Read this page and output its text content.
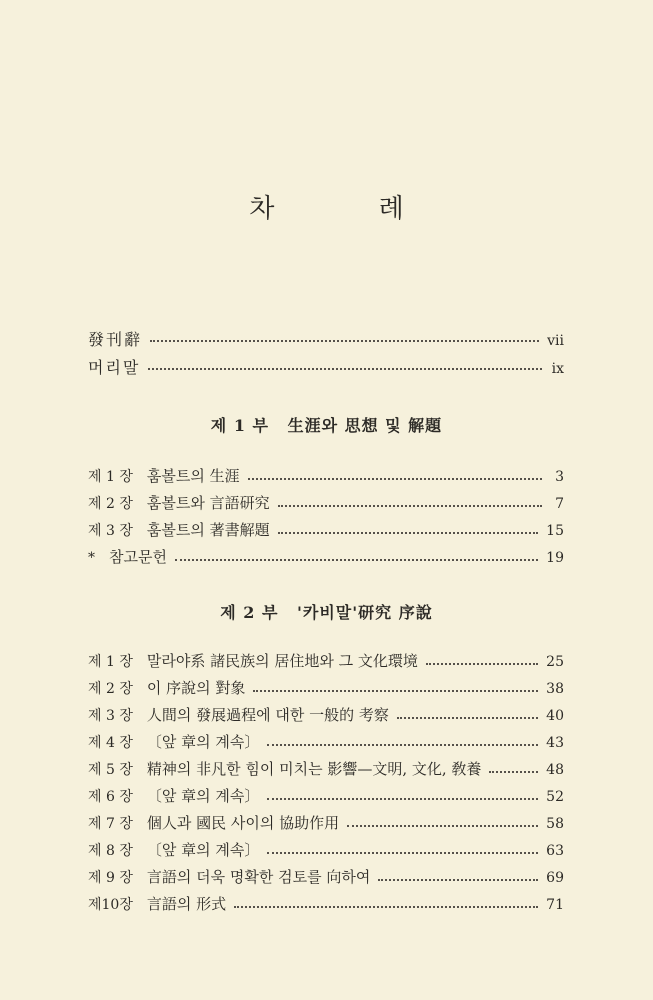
차 례
發刊辭	vii
머리말	ix
제 1 부 生涯와 思想 및 解題
제 1 장 훔볼트의 生涯	3
제 2 장 훔볼트와 言語研究	7
제 3 장 훔볼트의 著書解題	15
* 참고문헌	19
제 2 부 '카비말'研究 序說
제 1 장 말라야系 諸民族의 居住地와 그 文化環境	25
제 2 장 이 序說의 對象	38
제 3 장 人間의 發展過程에 대한 一般的 考察	40
제 4 장 〔앞 章의 계속〕	43
제 5 장 精神의 非凡한 힘이 미치는 影響—文明, 文化, 敎養	48
제 6 장 〔앞 章의 계속〕	52
제 7 장 個人과 國民 사이의 協助作用	58
제 8 장 〔앞 章의 계속〕	63
제 9 장 言語의 더욱 명확한 검토를 向하여	69
제10장 言語의 形式	71
